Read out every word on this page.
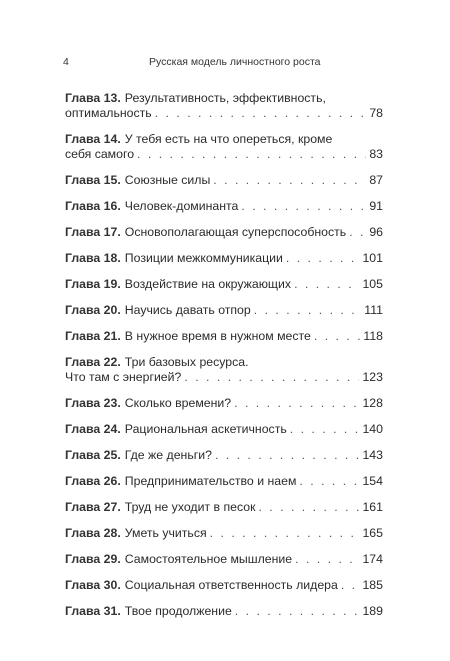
4	Русская модель личностного роста
Глава 13. Результативность, эффективность,
оптимальность . . .	78
Глава 14. У тебя есть на что опереться, кроме
себя самого . . .	83
Глава 15. Союзные силы . . .	87
Глава 16. Человек-доминанта . . .	91
Глава 17. Основополагающая суперспособность . . . 96
Глава 18. Позиции межкоммуникации . . .	101
Глава 19. Воздействие на окружающих . . .	105
Глава 20. Научись давать отпор . . .	111
Глава 21. В нужное время в нужном месте . . .	118
Глава 22. Три базовых ресурса.
Что там с энергией? . . .	123
Глава 23. Сколько времени? . . .	128
Глава 24. Рациональная аскетичность . . .	140
Глава 25. Где же деньги? . . .	143
Глава 26. Предпринимательство и наем . . .	154
Глава 27. Труд не уходит в песок . . .	161
Глава 28. Уметь учиться . . .	165
Глава 29. Самостоятельное мышление . . .	174
Глава 30. Социальная ответственность лидера . . . 185
Глава 31. Твое продолжение . . .	189
